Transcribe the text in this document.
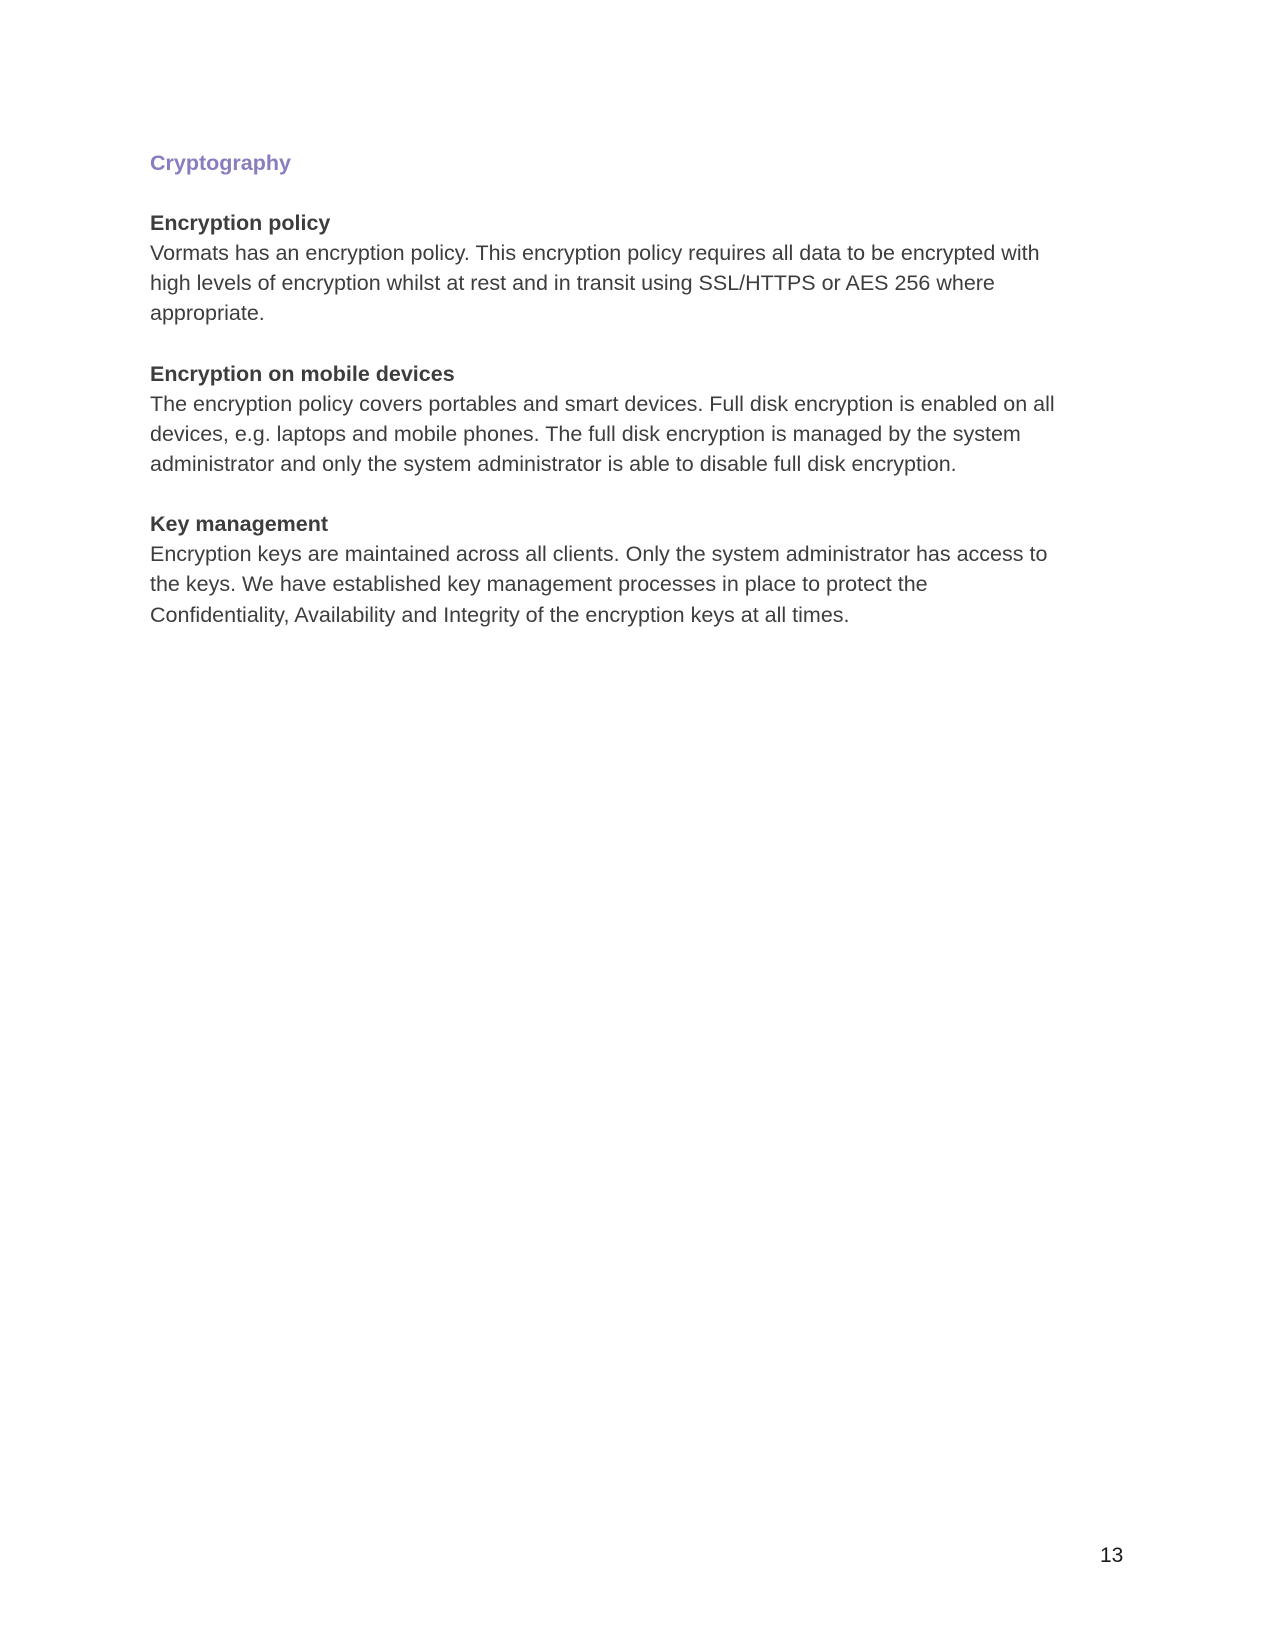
Cryptography
Encryption policy

Vormats has an encryption policy. This encryption policy requires all data to be encrypted with
high levels of encryption whilst at rest and in transit using SSL/HTTPS or AES 256 where
appropriate.

Encryption on mobile devices

The encryption policy covers portables and smart devices. Full disk encryption is enabled on all
devices, e.g. laptops and mobile phones. The full disk encryption is managed by the system
administrator and only the system administrator is able to disable full disk encryption.

Key management

Encryption keys are maintained across all clients. Only the system administrator has access to
the keys. We have established key management processes in place to protect the
Confidentiality, Availability and Integrity of the encryption keys at all times.

13
